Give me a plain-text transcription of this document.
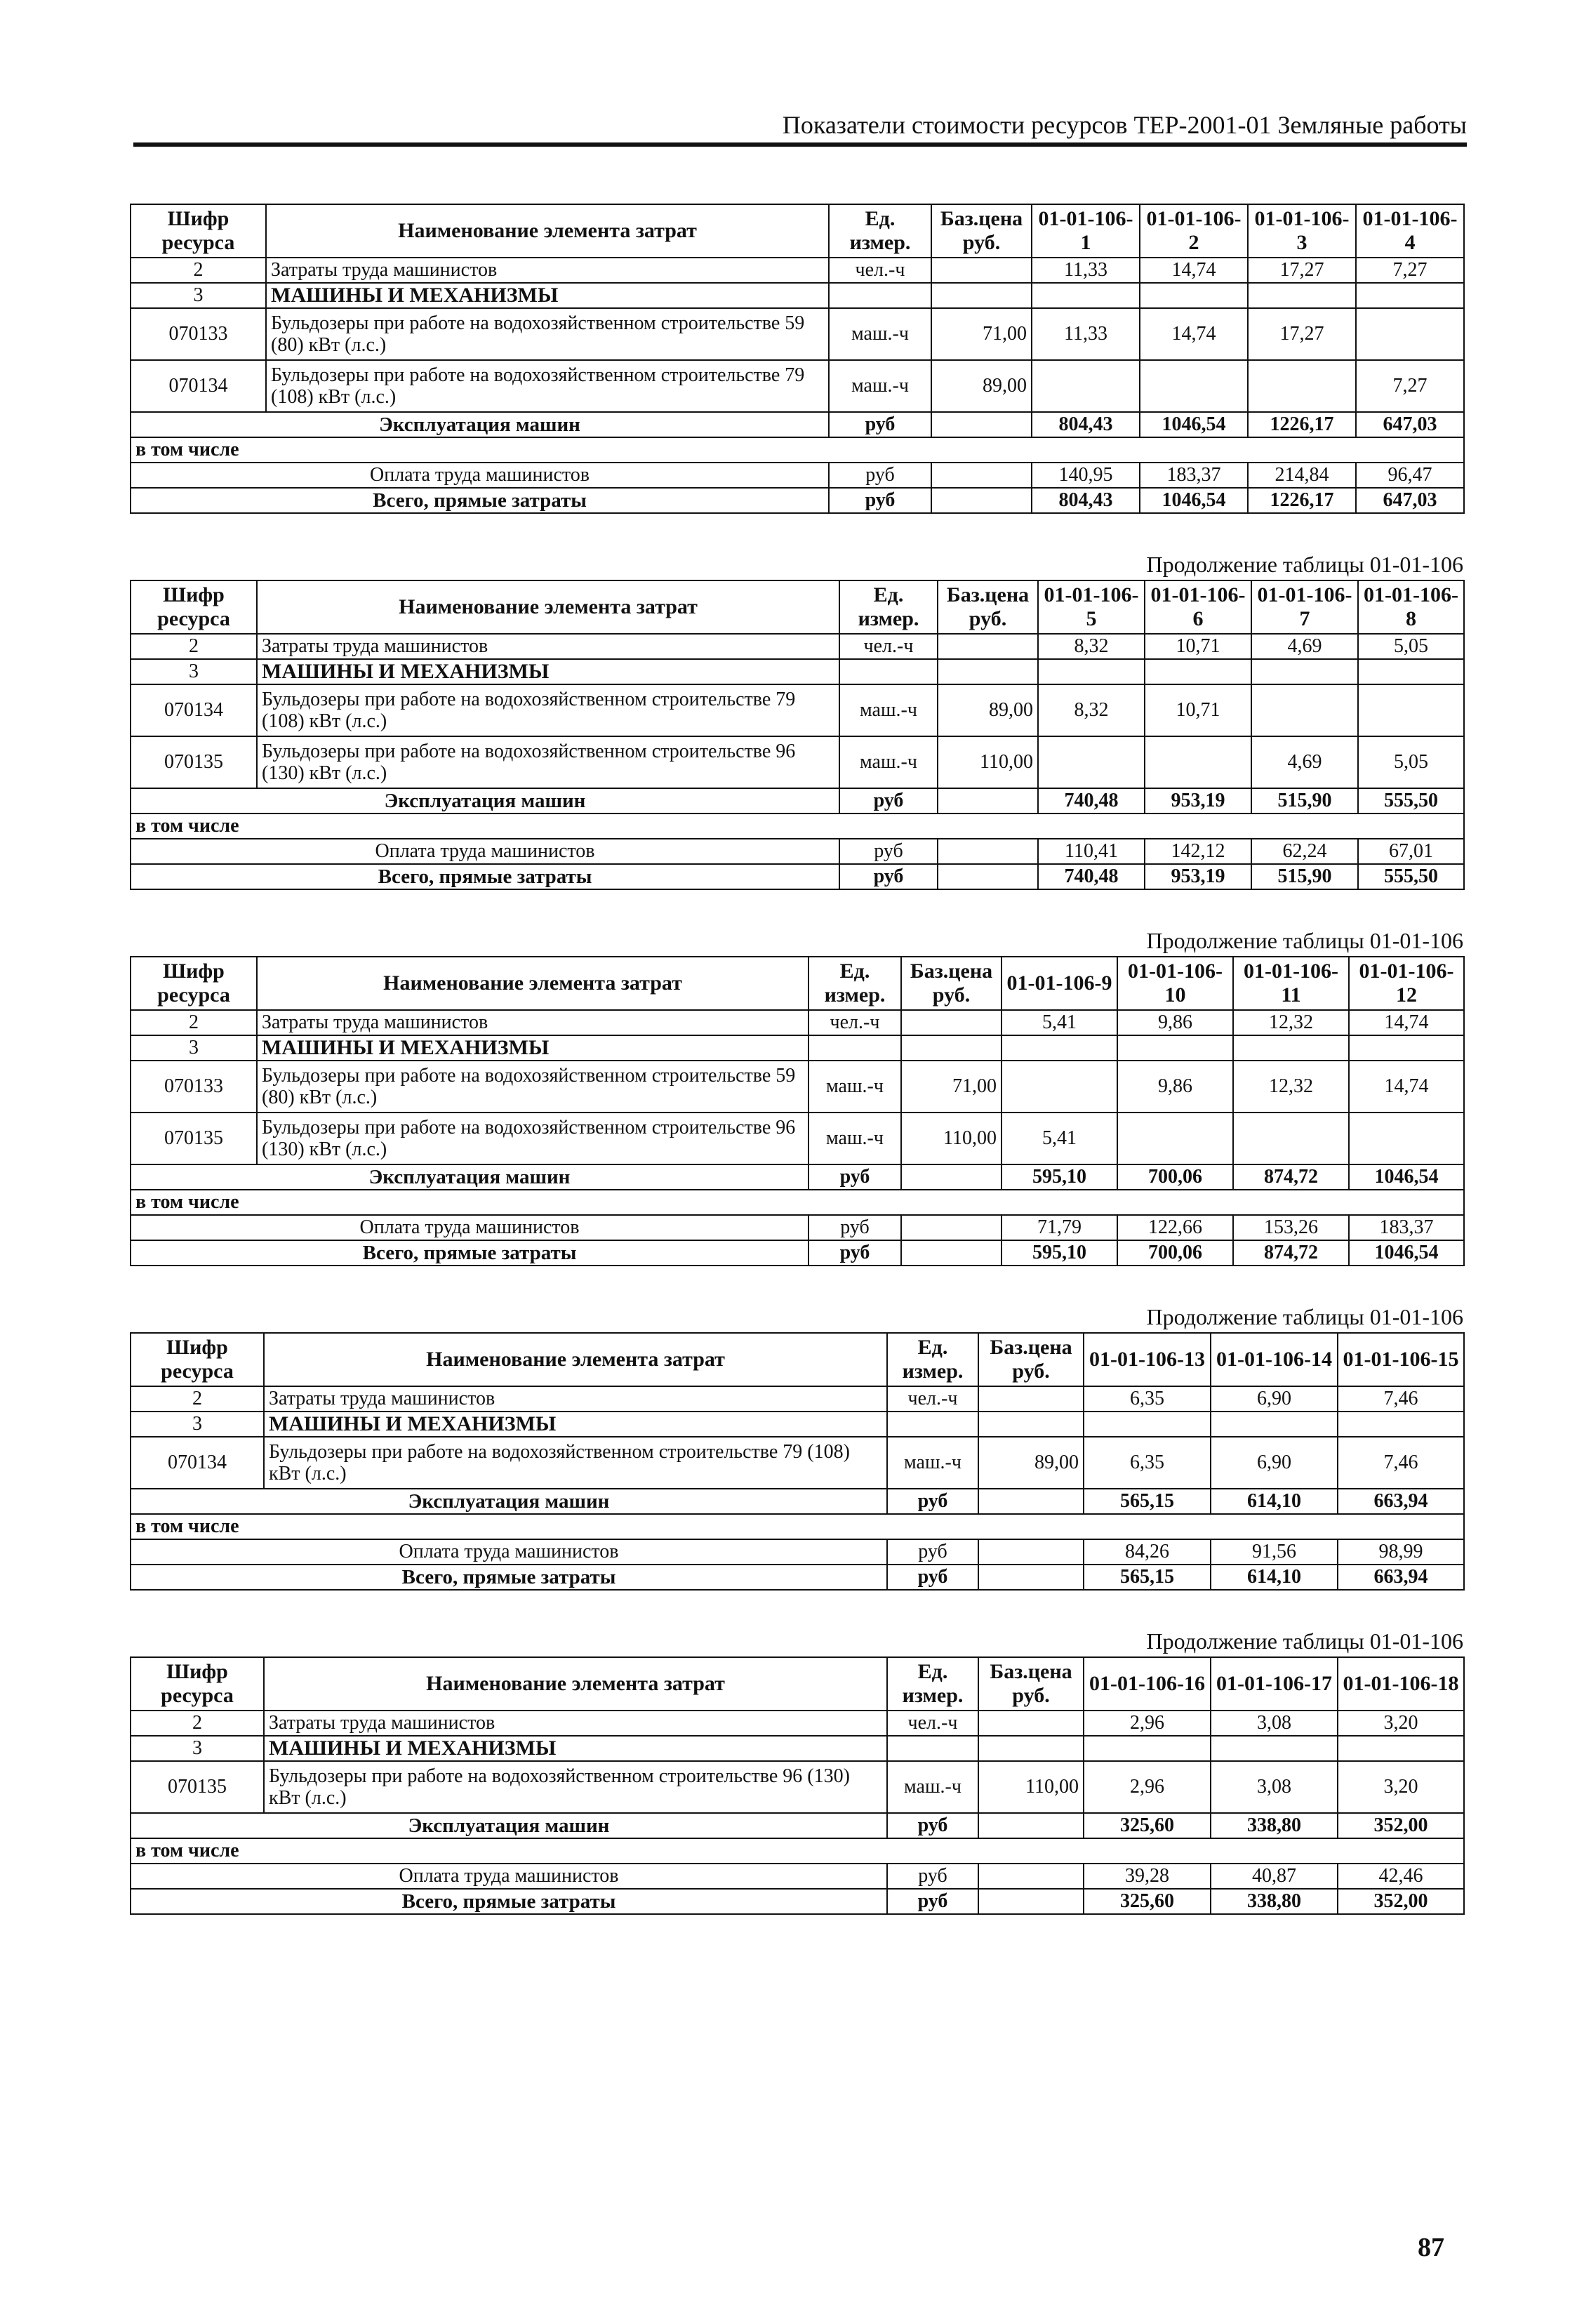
Показатели стоимости ресурсов ТЕР-2001-01 Земляные работы
Шифр ресурса	Наименование элемента затрат	Ед. измер.	Баз.цена руб.	01-01-106-1	01-01-106-2	01-01-106-3	01-01-106-4
2	Затраты труда машинистов	чел.-ч		11,33	14,74	17,27	7,27
3	МАШИНЫ И МЕХАНИЗМЫ						
070133	Бульдозеры при работе на водохозяйственном строительстве 59 (80) кВт (л.с.)	маш.-ч	71,00	11,33	14,74	17,27	
070134	Бульдозеры при работе на водохозяйственном строительстве 79 (108) кВт (л.с.)	маш.-ч	89,00				7,27
Эксплуатация машин		руб		804,43	1046,54	1226,17	647,03
в том числе							
Оплата труда машинистов		руб		140,95	183,37	214,84	96,47
Всего, прямые затраты		руб		804,43	1046,54	1226,17	647,03
Продолжение таблицы 01-01-106
Шифр ресурса	Наименование элемента затрат	Ед. измер.	Баз.цена руб.	01-01-106-5	01-01-106-6	01-01-106-7	01-01-106-8
2	Затраты труда машинистов	чел.-ч		8,32	10,71	4,69	5,05
3	МАШИНЫ И МЕХАНИЗМЫ						
070134	Бульдозеры при работе на водохозяйственном строительстве 79 (108) кВт (л.с.)	маш.-ч	89,00	8,32	10,71		
070135	Бульдозеры при работе на водохозяйственном строительстве 96 (130) кВт (л.с.)	маш.-ч	110,00			4,69	5,05
Эксплуатация машин		руб		740,48	953,19	515,90	555,50
в том числе							
Оплата труда машинистов		руб		110,41	142,12	62,24	67,01
Всего, прямые затраты		руб		740,48	953,19	515,90	555,50
Продолжение таблицы 01-01-106
Шифр ресурса	Наименование элемента затрат	Ед. измер.	Баз.цена руб.	01-01-106-9	01-01-106-10	01-01-106-11	01-01-106-12
2	Затраты труда машинистов	чел.-ч		5,41	9,86	12,32	14,74
3	МАШИНЫ И МЕХАНИЗМЫ						
070133	Бульдозеры при работе на водохозяйственном строительстве 59 (80) кВт (л.с.)	маш.-ч	71,00		9,86	12,32	14,74
070135	Бульдозеры при работе на водохозяйственном строительстве 96 (130) кВт (л.с.)	маш.-ч	110,00	5,41			
Эксплуатация машин		руб		595,10	700,06	874,72	1046,54
в том числе							
Оплата труда машинистов		руб		71,79	122,66	153,26	183,37
Всего, прямые затраты		руб		595,10	700,06	874,72	1046,54
Продолжение таблицы 01-01-106
Шифр ресурса	Наименование элемента затрат	Ед. измер.	Баз.цена руб.	01-01-106-13	01-01-106-14	01-01-106-15
2	Затраты труда машинистов	чел.-ч		6,35	6,90	7,46
3	МАШИНЫ И МЕХАНИЗМЫ					
070134	Бульдозеры при работе на водохозяйственном строительстве 79 (108) кВт (л.с.)	маш.-ч	89,00	6,35	6,90	7,46
Эксплуатация машин		руб		565,15	614,10	663,94
в том числе						
Оплата труда машинистов		руб		84,26	91,56	98,99
Всего, прямые затраты		руб		565,15	614,10	663,94
Продолжение таблицы 01-01-106
Шифр ресурса	Наименование элемента затрат	Ед. измер.	Баз.цена руб.	01-01-106-16	01-01-106-17	01-01-106-18
2	Затраты труда машинистов	чел.-ч		2,96	3,08	3,20
3	МАШИНЫ И МЕХАНИЗМЫ					
070135	Бульдозеры при работе на водохозяйственном строительстве 96 (130) кВт (л.с.)	маш.-ч	110,00	2,96	3,08	3,20
Эксплуатация машин		руб		325,60	338,80	352,00
в том числе						
Оплата труда машинистов		руб		39,28	40,87	42,46
Всего, прямые затраты		руб		325,60	338,80	352,00
87
